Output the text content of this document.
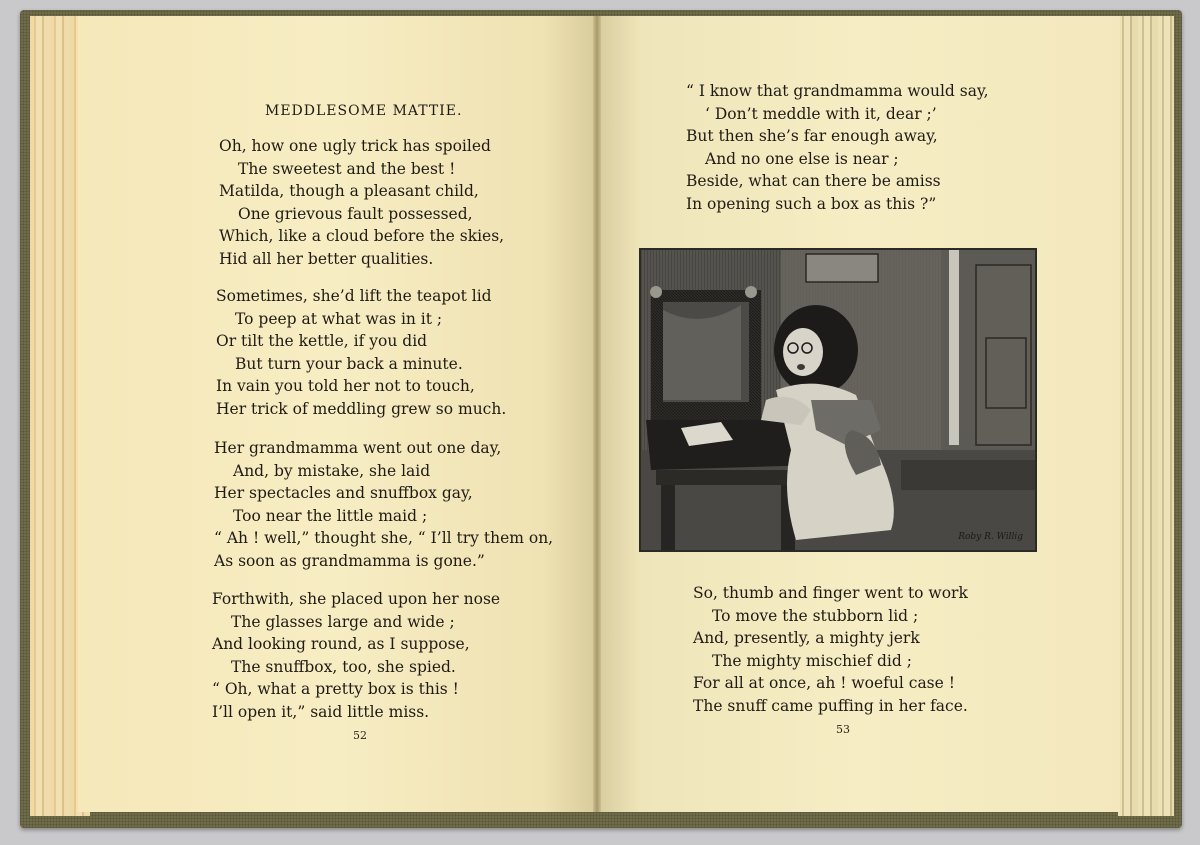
MEDDLESOME MATTIE.
Oh, how one ugly trick has spoiled
The sweetest and the best !
Matilda, though a pleasant child,
One grievous fault possessed,
Which, like a cloud before the skies,
Hid all her better qualities.
Sometimes, she’d lift the teapot lid
To peep at what was in it ;
Or tilt the kettle, if you did
But turn your back a minute.
In vain you told her not to touch,
Her trick of meddling grew so much.
Her grandmamma went out one day,
And, by mistake, she laid
Her spectacles and snuffbox gay,
Too near the little maid ;
“ Ah ! well,” thought she, “ I’ll try them on,
As soon as grandmamma is gone.”
Forthwith, she placed upon her nose
The glasses large and wide ;
And looking round, as I suppose,
The snuffbox, too, she spied.
“ Oh, what a pretty box is this !
I’ll open it,” said little miss.
52
“ I know that grandmamma would say,
‘ Don’t meddle with it, dear ;’
But then she’s far enough away,
And no one else is near ;
Beside, what can there be amiss
In opening such a box as this ?”
Roby R. Willig
So, thumb and finger went to work
To move the stubborn lid ;
And, presently, a mighty jerk
The mighty mischief did ;
For all at once, ah ! woeful case !
The snuff came puffing in her face.
53
